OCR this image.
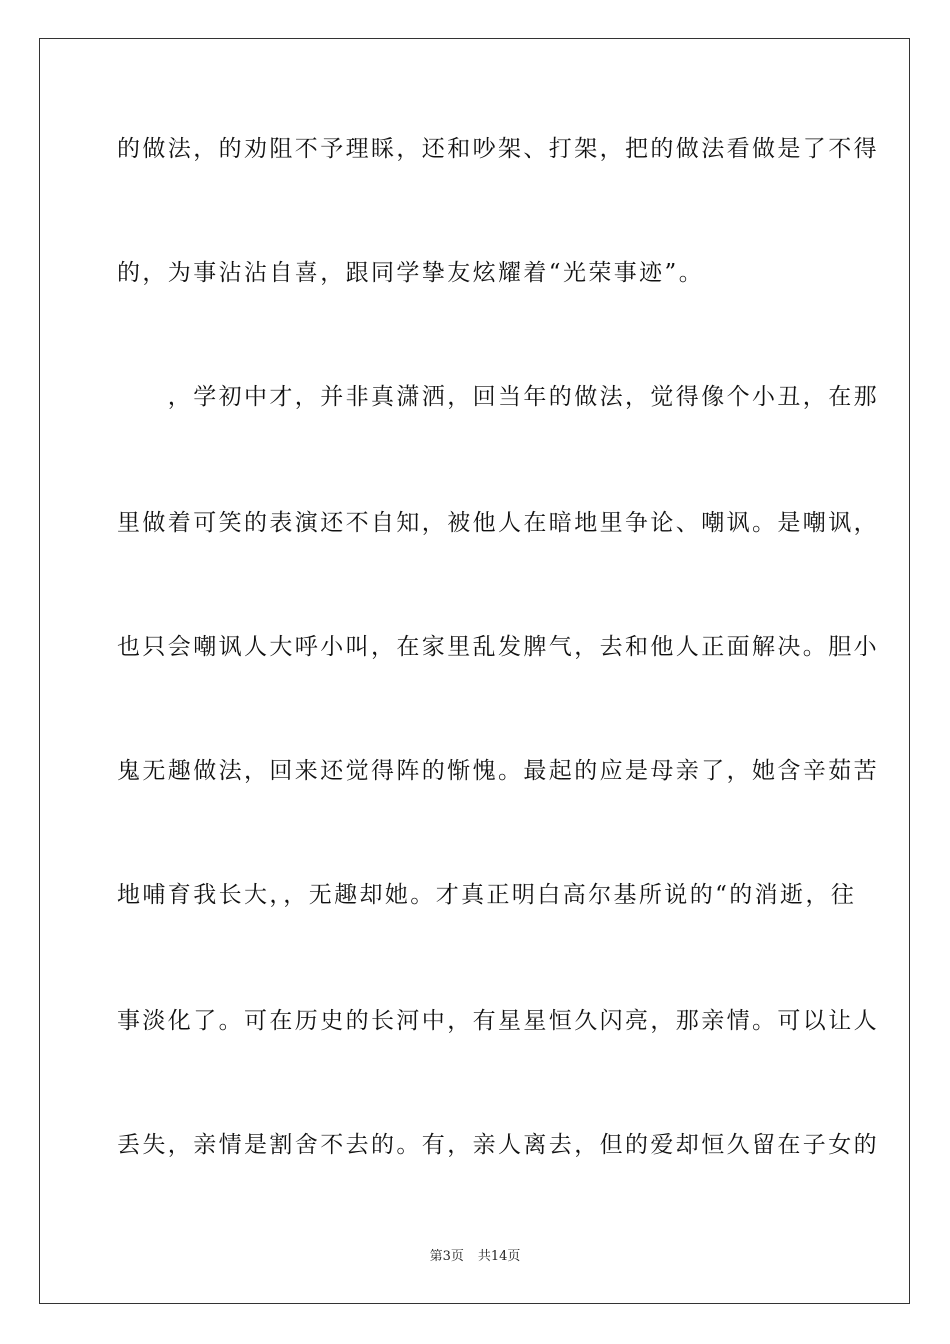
的做法，的劝阻不予理睬，还和吵架、打架，把的做法看做是了不得
的，为事沾沾自喜，跟同学挚友炫耀着“光荣事迹”。
　　，学初中才，并非真潇洒，回当年的做法，觉得像个小丑，在那
里做着可笑的表演还不自知，被他人在暗地里争论、嘲讽。是嘲讽，
也只会嘲讽人大呼小叫，在家里乱发脾气，去和他人正面解决。胆小
鬼无趣做法，回来还觉得阵的惭愧。最起的应是母亲了，她含辛茹苦
地哺育我长大，，无趣却她。才真正明白高尔基所说的“的消逝，往
事淡化了。可在历史的长河中，有星星恒久闪亮，那亲情。可以让人
丢失，亲情是割舍不去的。有，亲人离去，但的爱却恒久留在子女的
第3页 共14页
